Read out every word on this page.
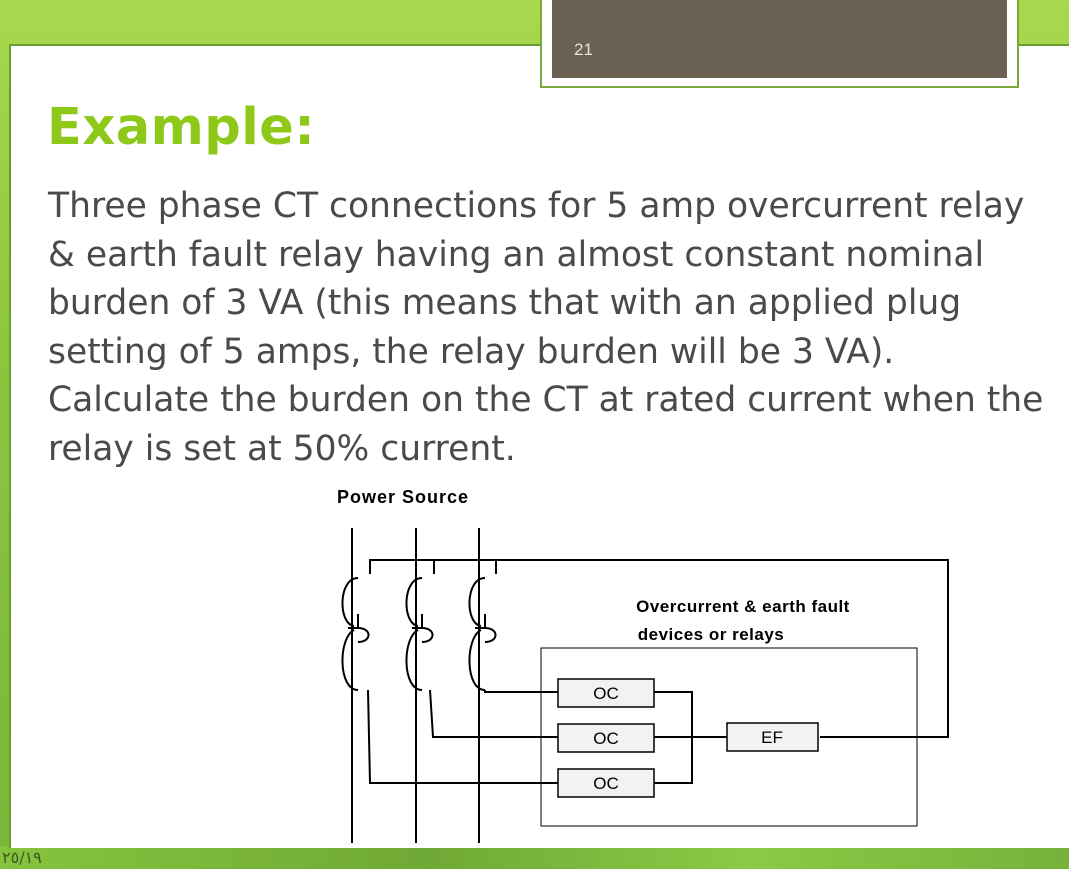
21
Example:

Three phase CT connections for 5 amp overcurrent relay & earth fault relay having an almost constant nominal burden of 3 VA (this means that with an applied plug setting of 5 amps, the relay burden will be 3 VA). Calculate the burden on the CT at rated current when the relay is set at 50% current.

OC
OC
OC
EF
Power Source
Overcurrent & earth fault
devices or relays
٢٥/١٩
